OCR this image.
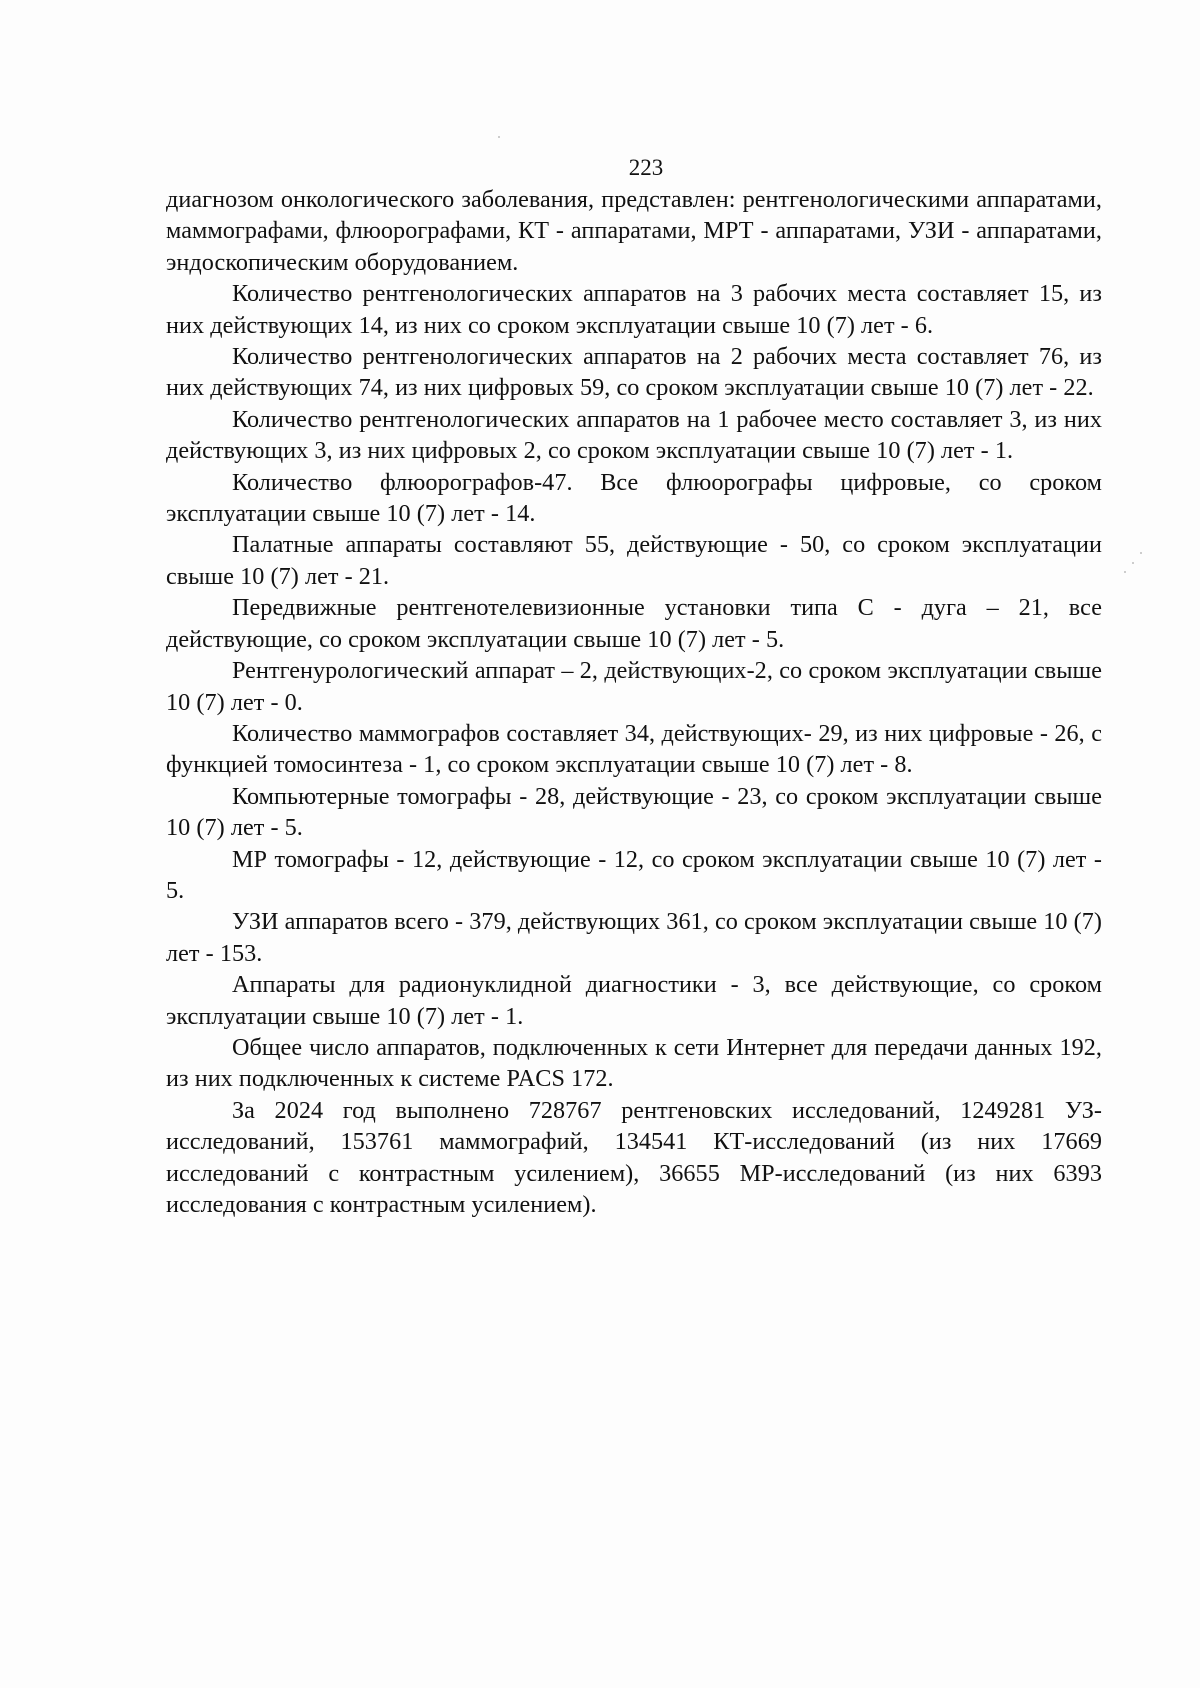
223

диагнозом онкологического заболевания, представлен: рентгенологическими аппаратами, маммографами, флюорографами, КТ - аппаратами, МРТ - аппаратами, УЗИ - аппаратами, эндоскопическим оборудованием.

Количество рентгенологических аппаратов на 3 рабочих места составляет 15, из них действующих 14, из них со сроком эксплуатации свыше 10 (7) лет - 6.

Количество рентгенологических аппаратов на 2 рабочих места составляет 76, из них действующих 74, из них цифровых 59, со сроком эксплуатации свыше 10 (7) лет - 22.

Количество рентгенологических аппаратов на 1 рабочее место составляет 3, из них действующих 3, из них цифровых 2, со сроком эксплуатации свыше 10 (7) лет - 1.

Количество флюорографов-47. Все флюорографы цифровые, со сроком эксплуатации свыше 10 (7) лет - 14.

Палатные аппараты составляют 55, действующие - 50, со сроком эксплуатации свыше 10 (7) лет - 21.

Передвижные рентгенотелевизионные установки типа С - дуга – 21, все действующие, со сроком эксплуатации свыше 10 (7) лет - 5.

Рентгенурологический аппарат – 2, действующих-2, со сроком эксплуатации свыше 10 (7) лет - 0.

Количество маммографов составляет 34, действующих- 29, из них цифровые - 26, с функцией томосинтеза - 1, со сроком эксплуатации свыше 10 (7) лет - 8.

Компьютерные томографы - 28, действующие - 23, со сроком эксплуатации свыше 10 (7) лет - 5.

МР томографы - 12, действующие - 12, со сроком эксплуатации свыше 10 (7) лет - 5.

УЗИ аппаратов всего - 379, действующих 361, со сроком эксплуатации свыше 10 (7) лет - 153.

Аппараты для радионуклидной диагностики - 3, все действующие, со сроком эксплуатации свыше 10 (7) лет - 1.

Общее число аппаратов, подключенных к сети Интернет для передачи данных 192, из них подключенных к системе PACS 172.

За 2024 год выполнено 728767 рентгеновских исследований, 1249281 УЗ-исследований, 153761 маммографий, 134541 КТ-исследований (из них 17669 исследований с контрастным усилением), 36655 МР-исследований (из них 6393 исследования с контрастным усилением).
